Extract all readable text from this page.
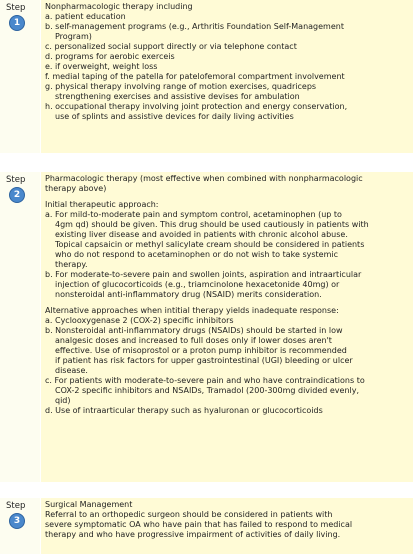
Step
1

Nonpharmacologic therapy including

a. patient education
b. self-management programs (e.g., Arthritis Foundation Self-Management
Program)
c. personalized social support directly or via telephone contact
d. programs for aerobic exerceis
e. if overweight, weight loss
f. medial taping of the patella for patelofemoral compartment involvement
g. physical therapy involving range of motion exercises, quadriceps
strengthening exercises and assistive devises for ambulation
h. occupational therapy involving joint protection and energy conservation,
use of splints and assistive devices for daily living activities
Step
2

Pharmacologic therapy (most effective when combined with nonpharmacologic
therapy above)

Initial therapeutic approach:

a. For mild-to-moderate pain and symptom control, acetaminophen (up to
4gm qd) should be given. This drug should be used cautiously in patients with
existing liver disease and avoided in patients with chronic alcohol abuse.
Topical capsaicin or methyl salicylate cream should be considered in patients
who do not respond to acetaminophen or do not wish to take systemic
therapy.
b. For moderate-to-severe pain and swollen joints, aspiration and intraarticular
injection of glucocorticoids (e.g., triamcinolone hexacetonide 40mg) or
nonsteroidal anti-inflammatory drug (NSAID) merits consideration.

Alternative approaches when intitial therapy yields inadequate response:

a. Cyclooxygenase 2 (COX-2) specific inhibitors
b. Nonsteroidal anti-inflammatory drugs (NSAIDs) should be started in low
analgesic doses and increased to full doses only if lower doses aren't
effective. Use of misoprostol or a proton pump inhibitor is recommended
if patient has risk factors for upper gastrointestinal (UGI) bleeding or ulcer
disease.
c. For patients with moderate-to-severe pain and who have contraindications to
COX-2 specific inhibitors and NSAIDs, Tramadol (200-300mg divided evenly,
qid)
d. Use of intraarticular therapy such as hyaluronan or glucocorticoids
Step
3

Surgical Management

Referral to an orthopedic surgeon should be considered in patients with

severe symptomatic OA who have pain that has failed to respond to medical

therapy and who have progressive impairment of activities of daily living.
